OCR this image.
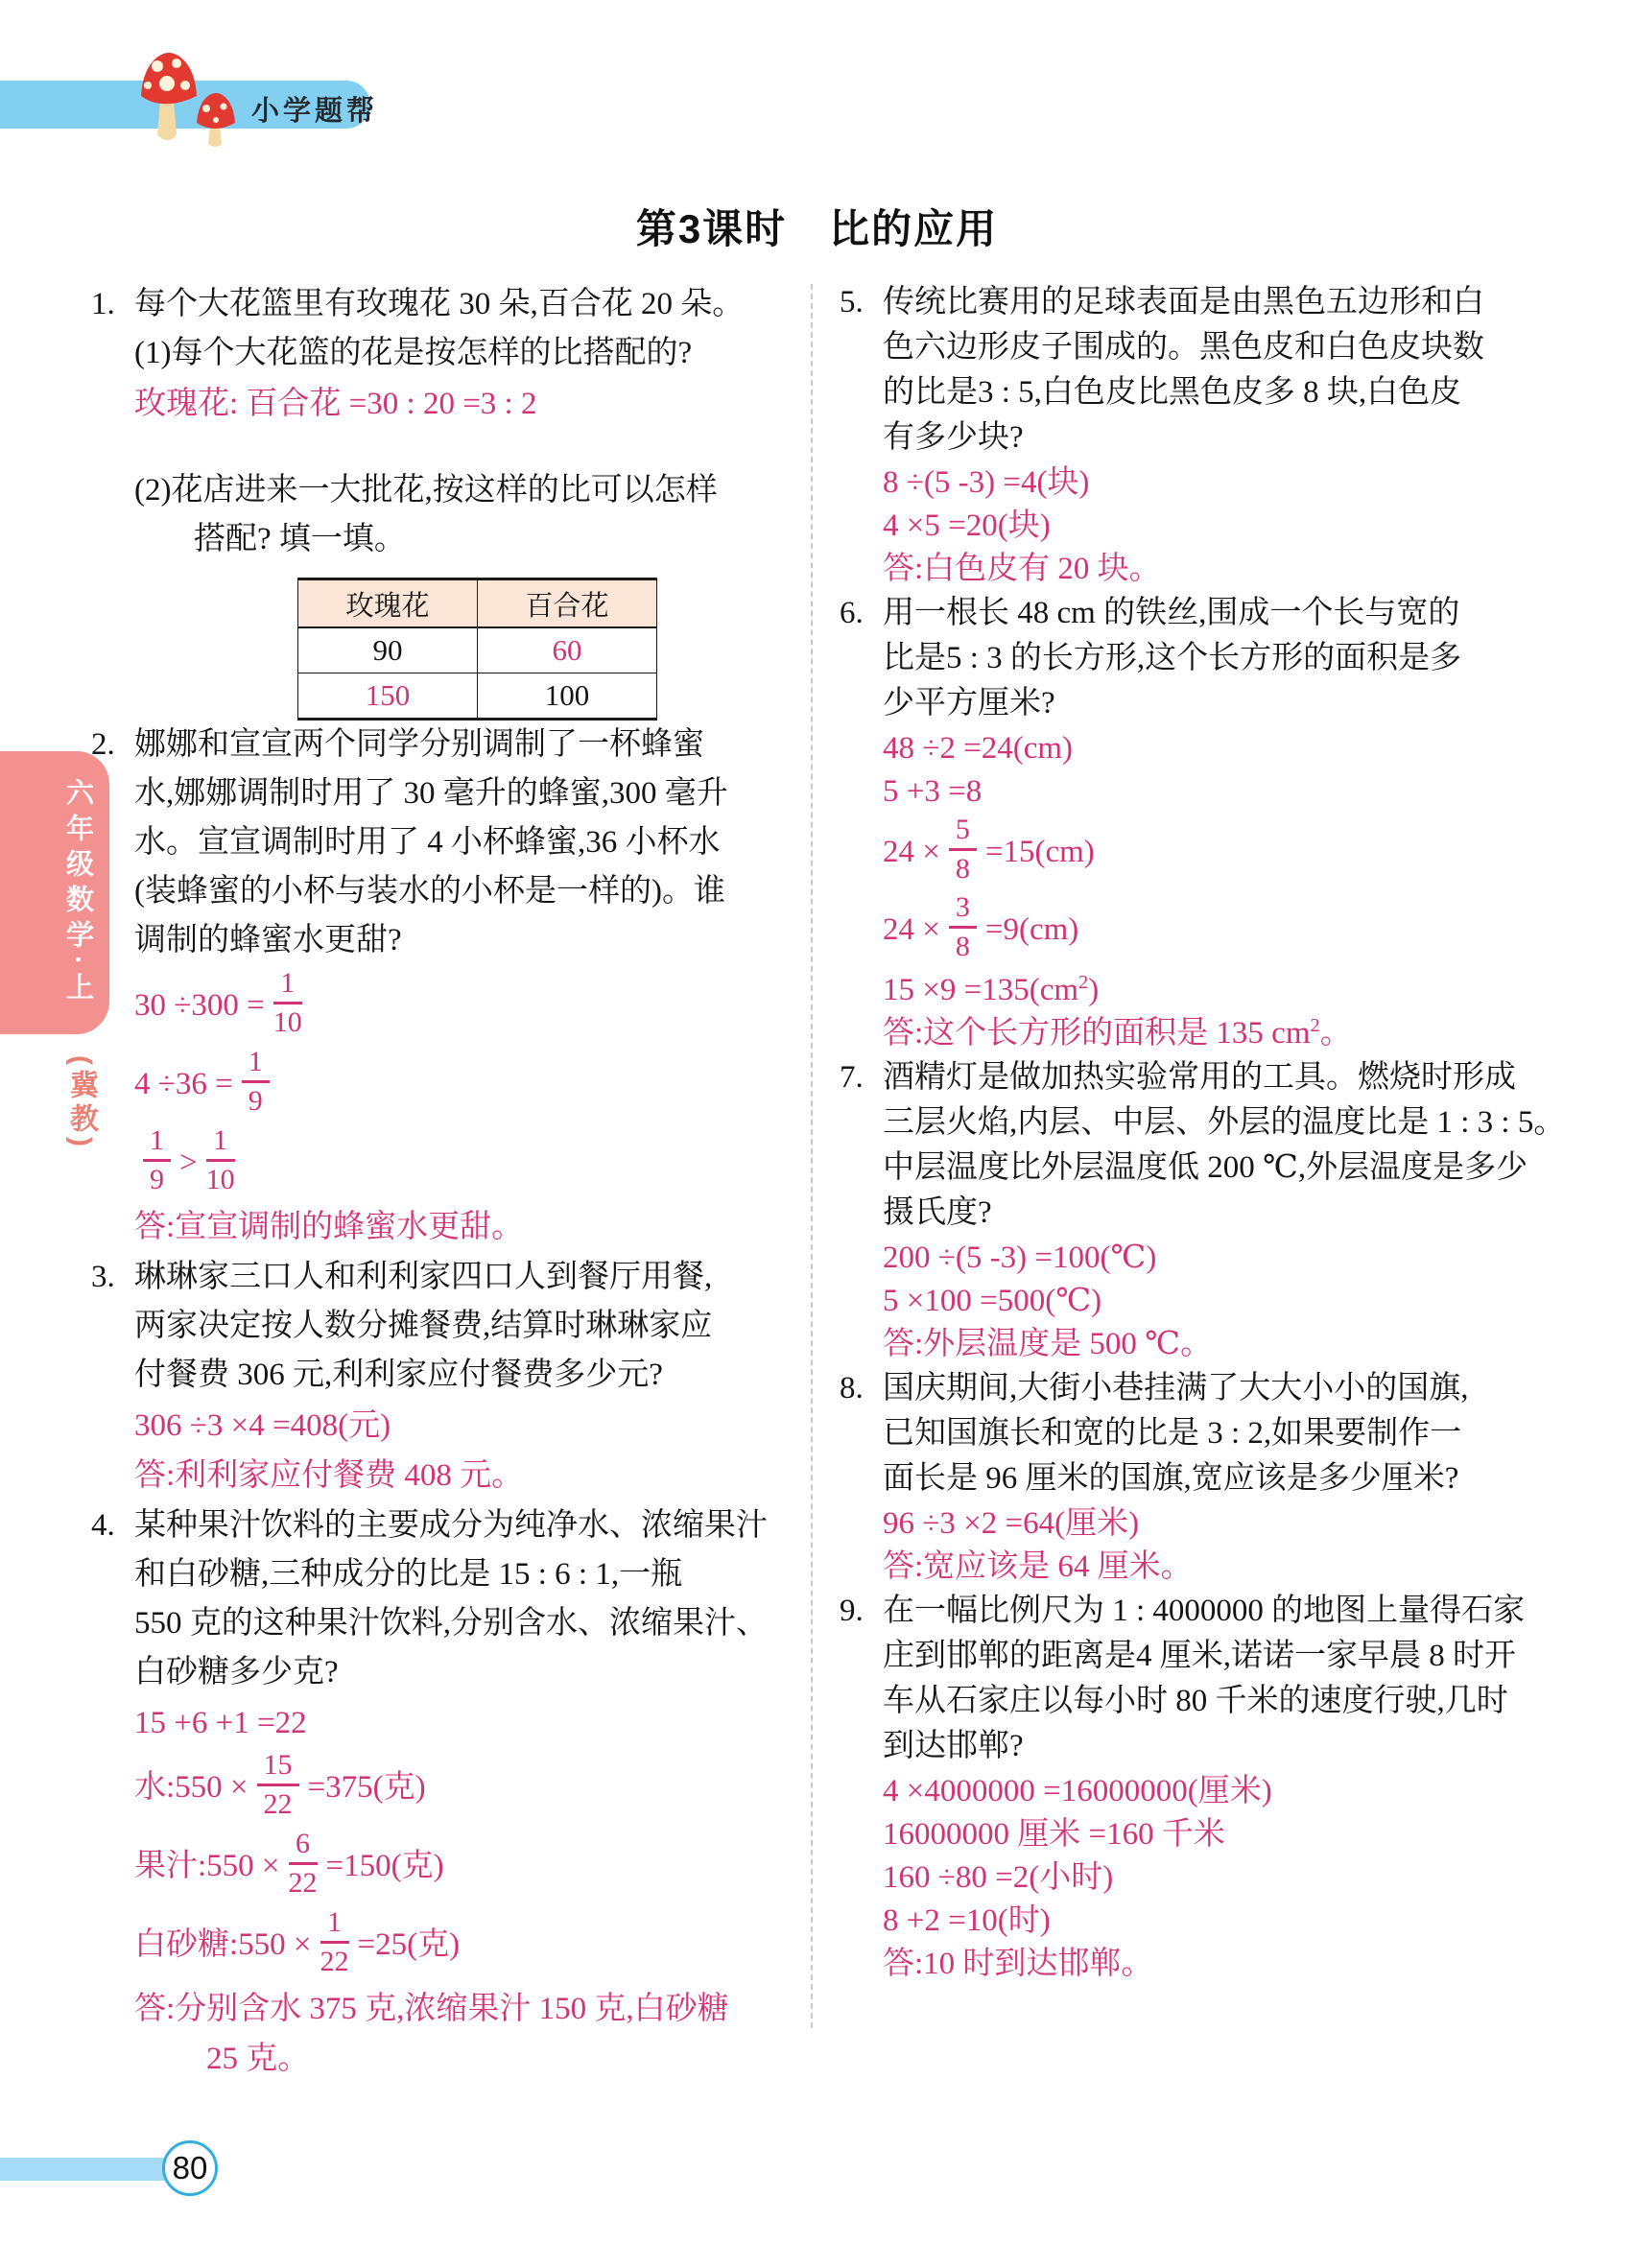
小学题帮
第3课时　比的应用
六年级数学·上
(冀教)
1. 每个大花篮里有玫瑰花 30 朵,百合花 20 朵。
(1)每个大花篮的花是按怎样的比搭配的?
玫瑰花: 百合花 =30 : 20 =3 : 2
(2)花店进来一大批花,按这样的比可以怎样
搭配? 填一填。
玫瑰花	百合花
90	60
150	100
2. 娜娜和宣宣两个同学分别调制了一杯蜂蜜
水,娜娜调制时用了 30 毫升的蜂蜜,300 毫升
水。宣宣调制时用了 4 小杯蜂蜜,36 小杯水
(装蜂蜜的小杯与装水的小杯是一样的)。谁
调制的蜂蜜水更甜?
$30 \div 300 = \frac{1}{10}$
$4 \div 36 = \frac{1}{9}$
$\frac{1}{9} > \frac{1}{10}$
答:宣宣调制的蜂蜜水更甜。
3. 琳琳家三口人和利利家四口人到餐厅用餐,
两家决定按人数分摊餐费,结算时琳琳家应
付餐费 306 元,利利家应付餐费多少元?
306 ÷3 ×4 =408(元)
答:利利家应付餐费 408 元。
4. 某种果汁饮料的主要成分为纯净水、浓缩果汁
和白砂糖,三种成分的比是 15 : 6 : 1,一瓶
550 克的这种果汁饮料,分别含水、浓缩果汁、
白砂糖多少克?
15 +6 +1 =22
水:550 × $\frac{15}{22} =375$(克)
果汁:550 × $\frac{6}{22} =150$(克)
白砂糖:550 × $\frac{1}{22} =25$(克)
答:分别含水 375 克,浓缩果汁 150 克,白砂糖
25 克。
5. 传统比赛用的足球表面是由黑色五边形和白
色六边形皮子围成的。黑色皮和白色皮块数
的比是3 : 5,白色皮比黑色皮多 8 块,白色皮
有多少块?
8 ÷(5 -3) =4(块)
4 ×5 =20(块)
答:白色皮有 20 块。
6. 用一根长 48 cm 的铁丝,围成一个长与宽的
比是5 : 3 的长方形,这个长方形的面积是多
少平方厘米?
48 ÷2 =24(cm)
5 +3 =8
$24 \times \frac{5}{8} =15(cm)$
$24 \times \frac{3}{8} =9(cm)$
$15 \times 9 =135(cm^2)$
答:这个长方形的面积是 135 $cm^2$。
7. 酒精灯是做加热实验常用的工具。燃烧时形成
三层火焰,内层、中层、外层的温度比是 1 : 3 : 5。
中层温度比外层温度低 200 ℃,外层温度是多少
摄氏度?
200 ÷(5 -3) =100(℃)
5 ×100 =500(℃)
答:外层温度是 500 ℃。
8. 国庆期间,大街小巷挂满了大大小小的国旗,
已知国旗长和宽的比是 3 : 2,如果要制作一
面长是 96 厘米的国旗,宽应该是多少厘米?
96 ÷3 ×2 =64(厘米)
答:宽应该是 64 厘米。
9. 在一幅比例尺为 1 : 4000000 的地图上量得石家
庄到邯郸的距离是4 厘米,诺诺一家早晨 8 时开
车从石家庄以每小时 80 千米的速度行驶,几时
到达邯郸?
4 ×4000000 =16000000(厘米)
16000000 厘米 =160 千米
160 ÷80 =2(小时)
8 +2 =10(时)
答:10 时到达邯郸。
80
